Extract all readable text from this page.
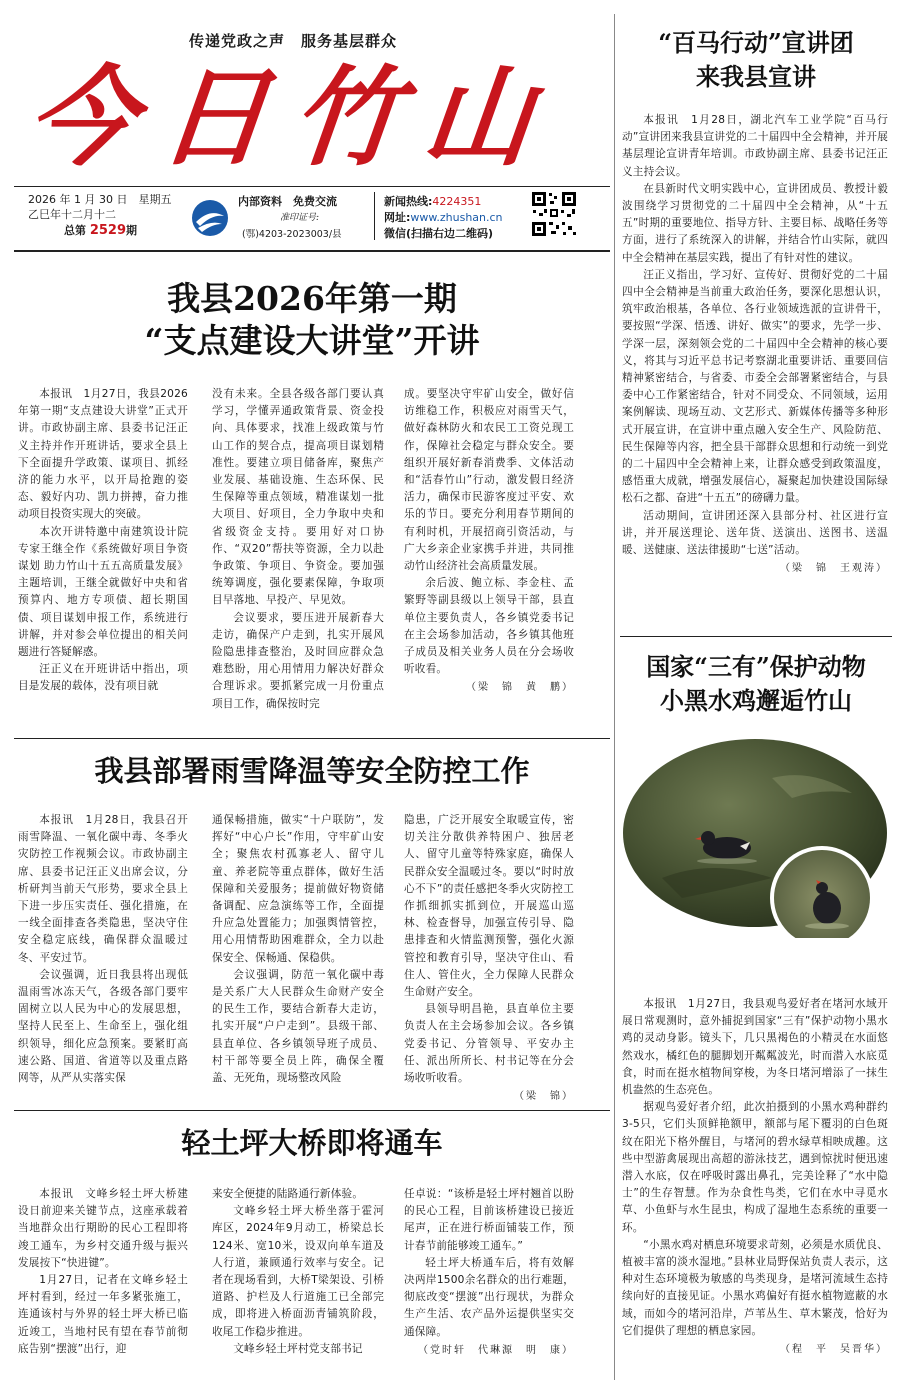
传递党政之声　服务基层群众
今日竹山
2026 年 1 月 30 日　星期五
乙巳年十二月十二
总第 2529期
内部资料　免费交流
准印证号:
(鄂)4203-2023003/县
新闻热线:4224351
网址:www.zhushan.cn
微信(扫描右边二维码)
我县2026年第一期
“支点建设大讲堂”开讲

本报讯　1月27日，我县2026年第一期“支点建设大讲堂”正式开讲。市政协副主席、县委书记汪正义主持并作开班讲话，要求全县上下全面提升学政策、谋项目、抓经济的能力水平，以开局抢跑的姿态、毅好内功、凯力拼搏，奋力推动项目投资实现大的突破。

本次开讲特邀中南建筑设计院专家王继全作《系统做好项目争资谋划 助力竹山十五五高质量发展》主题培训，王继全就做好中央和省预算内、地方专项债、超长期国债、项目谋划申报工作，系统进行讲解，并对参会单位提出的相关问题进行答疑解惑。

汪正义在开班讲话中指出，项目是发展的载体，没有项目就

没有未来。全县各级各部门要认真学习，学懂弄通政策背景、资金投向、具体要求，找准上级政策与竹山工作的契合点，提高项目谋划精准性。要建立项目储备库，聚焦产业发展、基础设施、生态环保、民生保障等重点领域，精准谋划一批大项目、好项目，全力争取中央和省级资金支持。要用好对口协作、“双20”帮扶等资源，全力以赴争政策、争项目、争资金。要加强统筹调度，强化要素保障，争取项目早落地、早投产、早见效。

会议要求，要压进开展新春大走访，确保产户走到，扎实开展风险隐患排查整治，及时回应群众急难愁盼，用心用情用力解决好群众合理诉求。要抓紧完成一月份重点项目工作，确保按时完

成。要坚决守牢矿山安全，做好信访维稳工作，积极应对雨雪天气，做好森林防火和农民工工资兑现工作，保障社会稳定与群众安全。要组织开展好新春消费季、文体活动和“活春竹山”行动，激发假日经济活力，确保市民游客度过平安、欢乐的节日。要充分利用春节期间的有利时机，开展招商引资活动，与广大乡亲企业家携手并进，共同推动竹山经济社会高质量发展。

余后波、鲍立标、李金柱、孟繁野等副县级以上领导干部，县直单位主要负责人，各乡镇党委书记在主会场参加活动，各乡镇其他班子成员及相关业务人员在分会场收听收看。

（梁　锦　黄　鹏）

我县部署雨雪降温等安全防控工作

本报讯　1月28日，我县召开雨雪降温、一氧化碳中毒、冬季火灾防控工作视频会议。市政协副主席、县委书记汪正义出席会议，分析研判当前天气形势，要求全县上下进一步压实责任、强化措施，在一线全面排查各类隐患，坚决守住安全稳定底线，确保群众温暖过冬、平安过节。

会议强调，近日我县将出现低温雨雪冰冻天气，各级各部门要牢固树立以人民为中心的发展思想，坚持人民至上、生命至上，强化组织领导，细化应急预案。要紧盯高速公路、国道、省道等以及重点路网等，从严从实落实保

通保畅措施，做实“十户联防”，发挥好“中心户长”作用，守牢矿山安全；聚焦农村孤寡老人、留守儿童、养老院等重点群体，做好生活保障和关爱服务；提前做好物资储备调配、应急演练等工作，全面提升应急处置能力；加强舆情管控，用心用情帮助困难群众，全力以赴保安全、保畅通、保稳供。

会议强调，防范一氧化碳中毒是关系广大人民群众生命财产安全的民生工作，要结合新春大走访，扎实开展“户户走到”。县级干部、县直单位、各乡镇领导班子成员、村干部等要全员上阵，确保全覆盖、无死角，现场整改风险

隐患，广泛开展安全取暖宣传，密切关注分散供养特困户、独居老人、留守儿童等特殊家庭，确保人民群众安全温暖过冬。要以“时时放心不下”的责任感把冬季火灾防控工作抓细抓实抓到位，开展巡山巡林、检查督导，加强宣传引导、隐患排查和火情监测预警，强化火源管控和教育引导，坚决守住山、看住人、管住火，全力保障人民群众生命财产安全。

县领导明昌艳，县直单位主要负责人在主会场参加会议。各乡镇党委书记、分管领导、平安办主任、派出所所长、村书记等在分会场收听收看。

（梁　锦）

轻土坪大桥即将通车

本报讯　文峰乡轻土坪大桥建设日前迎来关键节点，这座承载着当地群众出行期盼的民心工程即将竣工通车，为乡村交通升级与振兴发展按下“快进键”。

1月27日，记者在文峰乡轻土坪村看到，经过一年多紧张施工，连通该村与外界的轻土坪大桥已临近竣工，当地村民有望在春节前彻底告别“摆渡”出行，迎

来安全便捷的陆路通行新体验。

文峰乡轻土坪大桥坐落于霍河库区，2024年9月动工，桥梁总长124米、宽10米，设双向单车道及人行道，兼顾通行效率与安全。记者在现场看到，大桥T梁架设、引桥道路、护栏及人行道施工已全部完成，即将进入桥面沥青铺筑阶段，收尾工作稳步推进。

文峰乡轻土坪村党支部书记

任卓说：“该桥是轻土坪村翘首以盼的民心工程，目前该桥建设已接近尾声，正在进行桥面铺装工作，预计春节前能够竣工通车。”

轻土坪大桥通车后，将有效解决两岸1500余名群众的出行难题，彻底改变“摆渡”出行现状，为群众生产生活、农产品外运提供坚实交通保障。

（党时轩　代琳源　明　康）

“百马行动”宣讲团
来我县宣讲

本报讯　1月28日，湖北汽车工业学院“百马行动”宣讲团来我县宣讲党的二十届四中全会精神，并开展基层理论宣讲青年培训。市政协副主席、县委书记汪正义主持会议。

在县新时代文明实践中心，宣讲团成员、教授计毅波围绕学习贯彻党的二十届四中全会精神，从“十五五”时期的重要地位、指导方针、主要目标、战略任务等方面，进行了系统深入的讲解，并结合竹山实际，就四中全会精神在基层实践，提出了有针对性的建议。

汪正义指出，学习好、宣传好、贯彻好党的二十届四中全会精神是当前重大政治任务，要深化思想认识，筑牢政治根基，各单位、各行业领域选派的宣讲骨干，要按照“学深、悟透、讲好、做实”的要求，先学一步、学深一层，深刻领会党的二十届四中全会精神的核心要义，将其与习近平总书记考察湖北重要讲话、重要回信精神紧密结合，与省委、市委全会部署紧密结合，与县委中心工作紧密结合，针对不同受众、不同领域，运用案例解读、现场互动、文艺形式、新媒体传播等多种形式开展宣讲，在宣讲中重点融入安全生产、风险防范、民生保障等内容，把全县干部群众思想和行动统一到党的二十届四中全会精神上来，让群众感受到政策温度，感悟重大成就，增强发展信心，凝聚起加快建设国际绿松石之都、奋进“十五五”的磅礴力量。

活动期间，宣讲团还深入县部分村、社区进行宣讲，并开展送理论、送年货、送演出、送图书、送温暖、送健康、送法律援助“七送”活动。

（梁　锦　王观涛）

国家“三有”保护动物
小黑水鸡邂逅竹山

本报讯　1月27日，我县观鸟爱好者在堵河水域开展日常观测时，意外捕捉到国家“三有”保护动物小黑水鸡的灵动身影。镜头下，几只黑褐色的小精灵在水面悠然戏水，橘红色的腿脚划开粼粼波光，时而潜入水底觅食，时而在挺水植物间穿梭，为冬日堵河增添了一抹生机盎然的生态亮色。

据观鸟爱好者介绍，此次拍摄到的小黑水鸡种群约3-5只，它们头顶鲜艳额甲，额部与尾下覆羽的白色斑纹在阳光下格外醒目，与堵河的碧水绿草相映成趣。这些中型游禽展现出高超的游泳技艺，遇到惊扰时便迅速潜入水底，仅在呼吸时露出鼻孔，完美诠释了“水中隐士”的生存智慧。作为杂食性鸟类，它们在水中寻觅水草、小鱼虾与水生昆虫，构成了湿地生态系统的重要一环。

“小黑水鸡对栖息环境要求苛刻，必须是水质优良、植被丰富的淡水湿地。”县林业局野保站负责人表示，这种对生态环境极为敏感的鸟类现身，是堵河流域生态持续向好的直接见证。小黑水鸡偏好有挺水植物遮蔽的水域，而如今的堵河沿岸，芦苇丛生、草木繁茂，恰好为它们提供了理想的栖息家园。

（程　平　吴晋华）
